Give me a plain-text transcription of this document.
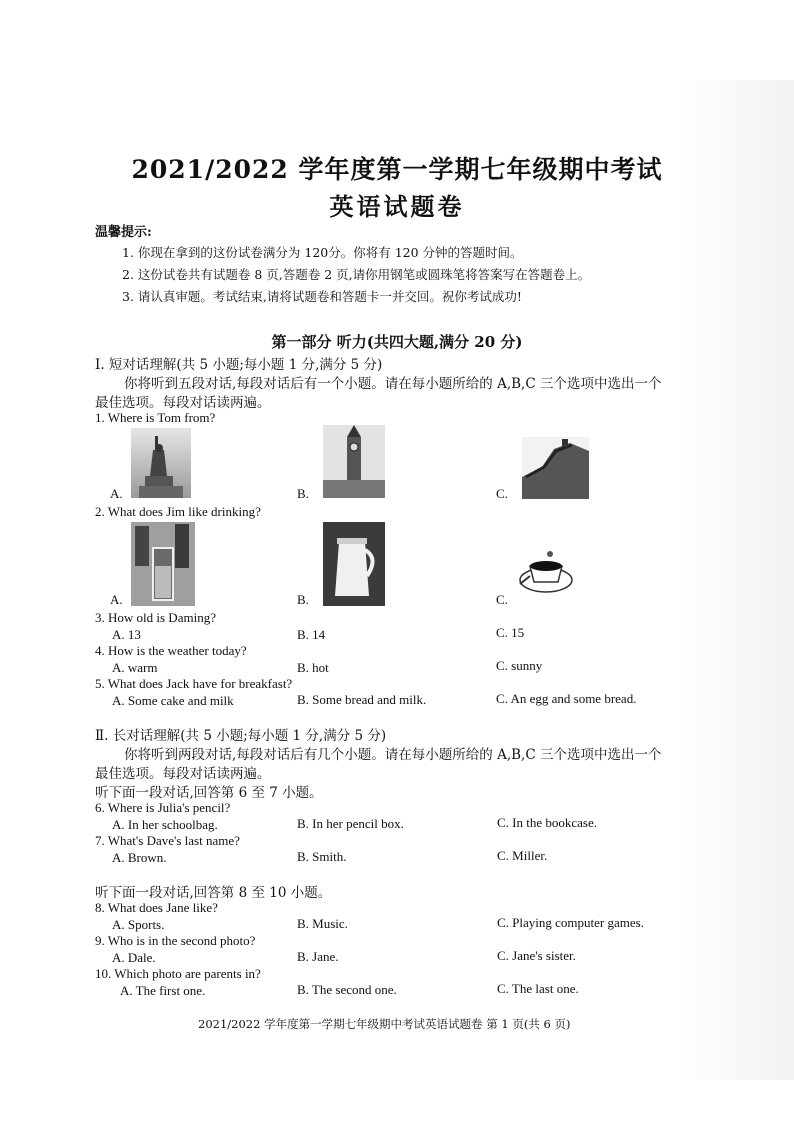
2021/2022 学年度第一学期七年级期中考试
英语试题卷
温馨提示:
1. 你现在拿到的这份试卷满分为 120分。你将有 120 分钟的答题时间。
2. 这份试卷共有试题卷 8 页,答题卷 2 页,请你用钢笔或圆珠笔将答案写在答题卷上。
3. 请认真审题。考试结束,请将试题卷和答题卡一并交回。祝你考试成功!
第一部分 听力(共四大题,满分 20 分)
Ⅰ. 短对话理解(共 5 小题;每小题 1 分,满分 5 分)
你将听到五段对话,每段对话后有一个小题。请在每小题所给的 A,B,C 三个选项中选出一个
最佳选项。每段对话读两遍。
1. Where is Tom from?
A.	B.	C.
2. What does Jim like drinking?
A.	B.	C.
3. How old is Daming?
A. 13	B. 14	C. 15
4. How is the weather today?
A. warm	B. hot	C. sunny
5. What does Jack have for breakfast?
A. Some cake and milk	B. Some bread and milk.	C. An egg and some bread.
Ⅱ. 长对话理解(共 5 小题;每小题 1 分,满分 5 分)
你将听到两段对话,每段对话后有几个小题。请在每小题所给的 A,B,C 三个选项中选出一个
最佳选项。每段对话读两遍。
听下面一段对话,回答第 6 至 7 小题。
6. Where is Julia's pencil?
A. In her schoolbag.	B. In her pencil box.	C. In the bookcase.
7. What's Dave's last name?
A. Brown.	B. Smith.	C. Miller.
听下面一段对话,回答第 8 至 10 小题。
8. What does Jane like?
A. Sports.	B. Music.	C. Playing computer games.
9. Who is in the second photo?
A. Dale.	B. Jane.	C. Jane's sister.
10. Which photo are parents in?
A. The first one.	B. The second one.	C. The last one.
2021/2022 学年度第一学期七年级期中考试英语试题卷 第 1 页(共 6 页)
